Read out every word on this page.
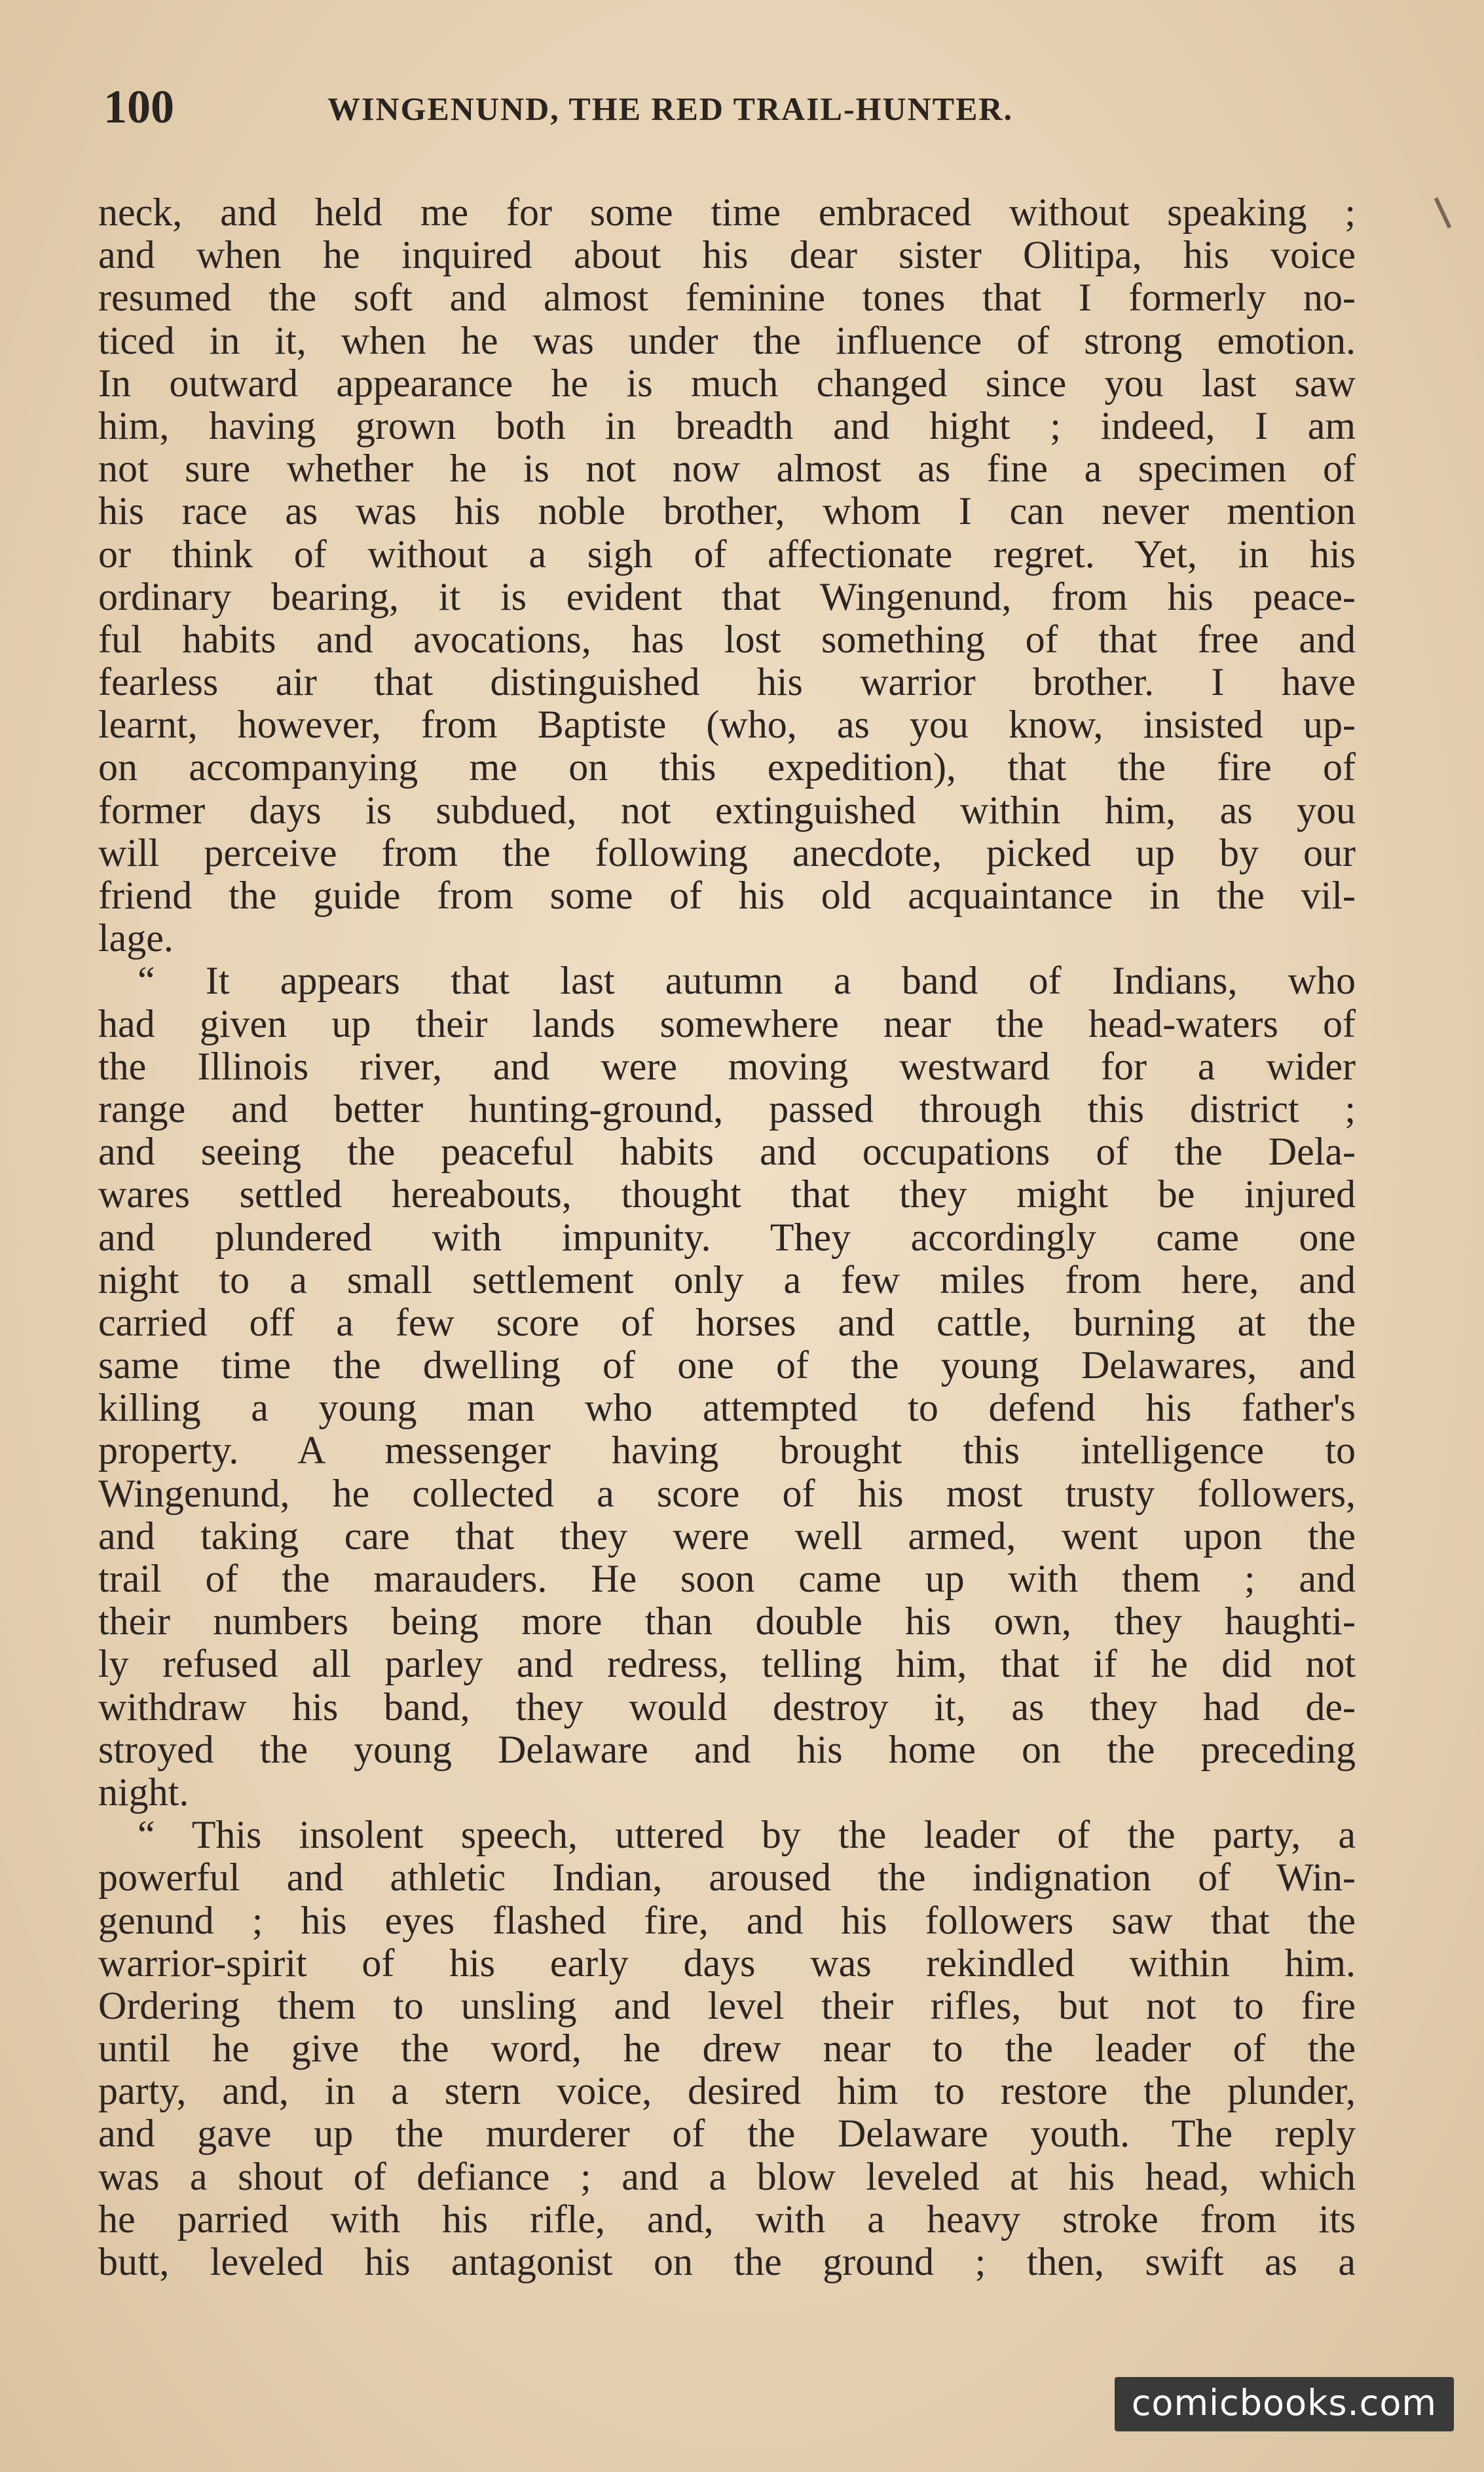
100	WINGENUND, THE RED TRAIL-HUNTER.
neck, and held me for some time embraced without speaking ;
and when he inquired about his dear sister Olitipa, his voice
resumed the soft and almost feminine tones that I formerly no-
ticed in it, when he was under the influence of strong emotion.
In outward appearance he is much changed since you last saw
him, having grown both in breadth and hight ; indeed, I am
not sure whether he is not now almost as fine a specimen of
his race as was his noble brother, whom I can never mention
or think of without a sigh of affectionate regret. Yet, in his
ordinary bearing, it is evident that Wingenund, from his peace-
ful habits and avocations, has lost something of that free and
fearless air that distinguished his warrior brother. I have
learnt, however, from Baptiste (who, as you know, insisted up-
on accompanying me on this expedition), that the fire of
former days is subdued, not extinguished within him, as you
will perceive from the following anecdote, picked up by our
friend the guide from some of his old acquaintance in the vil-
lage.
“ It appears that last autumn a band of Indians, who
had given up their lands somewhere near the head-waters of
the Illinois river, and were moving westward for a wider
range and better hunting-ground, passed through this district ;
and seeing the peaceful habits and occupations of the Dela-
wares settled hereabouts, thought that they might be injured
and plundered with impunity. They accordingly came one
night to a small settlement only a few miles from here, and
carried off a few score of horses and cattle, burning at the
same time the dwelling of one of the young Delawares, and
killing a young man who attempted to defend his father's
property. A messenger having brought this intelligence to
Wingenund, he collected a score of his most trusty followers,
and taking care that they were well armed, went upon the
trail of the marauders. He soon came up with them ; and
their numbers being more than double his own, they haughti-
ly refused all parley and redress, telling him, that if he did not
withdraw his band, they would destroy it, as they had de-
stroyed the young Delaware and his home on the preceding
night.
“ This insolent speech, uttered by the leader of the party, a
powerful and athletic Indian, aroused the indignation of Win-
genund ; his eyes flashed fire, and his followers saw that the
warrior-spirit of his early days was rekindled within him.
Ordering them to unsling and level their rifles, but not to fire
until he give the word, he drew near to the leader of the
party, and, in a stern voice, desired him to restore the plunder,
and gave up the murderer of the Delaware youth. The reply
was a shout of defiance ; and a blow leveled at his head, which
he parried with his rifle, and, with a heavy stroke from its
butt, leveled his antagonist on the ground ; then, swift as a
comicbooks.com
